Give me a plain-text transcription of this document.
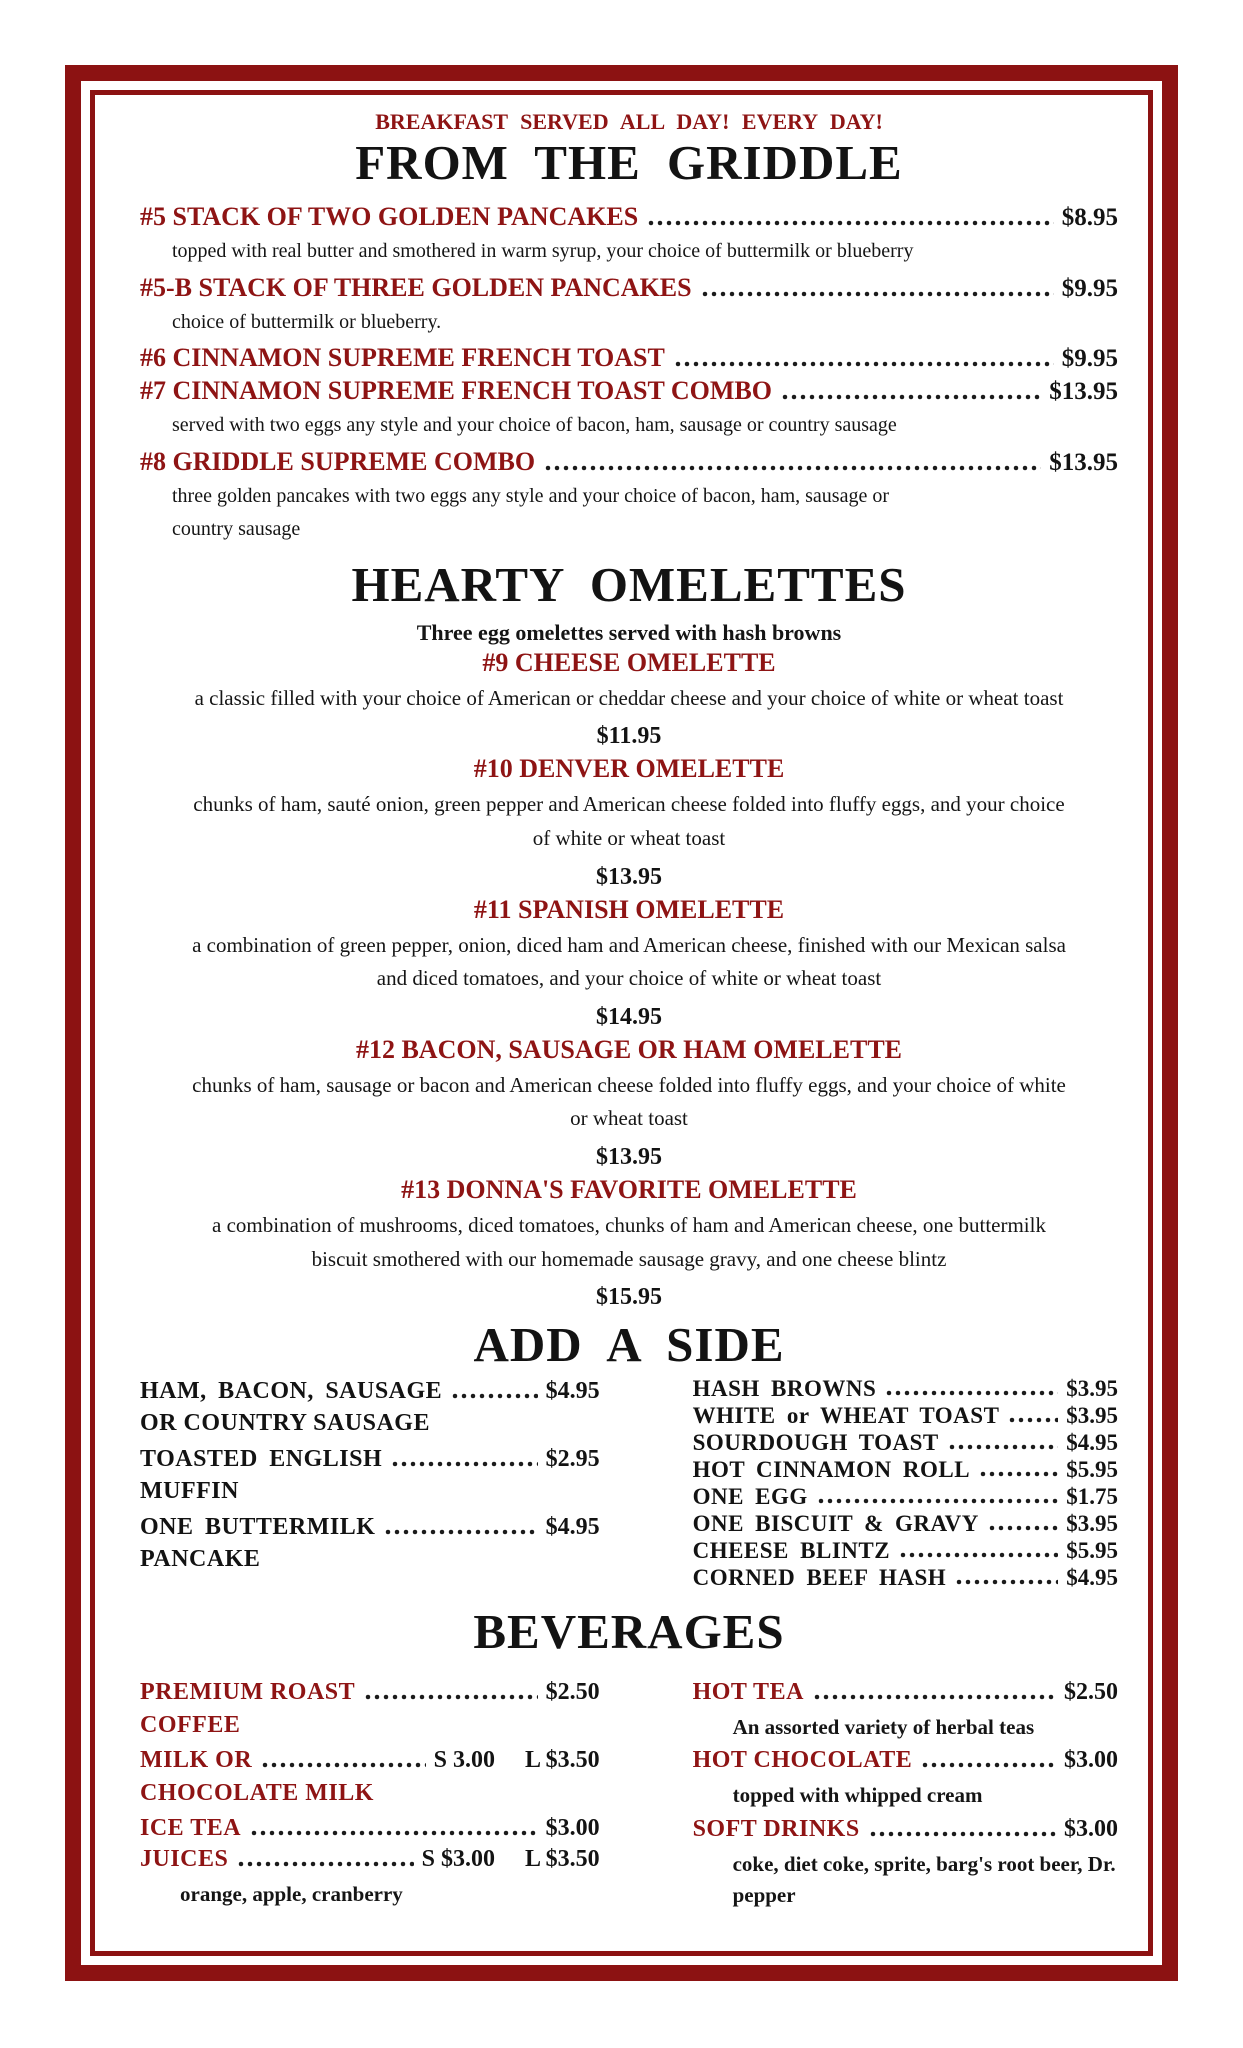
BREAKFAST SERVED ALL DAY! EVERY DAY!
FROM THE GRIDDLE
#5 STACK OF TWO GOLDEN PANCAKES	$8.95
topped with real butter and smothered in warm syrup, your choice of buttermilk or blueberry
#5-B STACK OF THREE GOLDEN PANCAKES	$9.95
choice of buttermilk or blueberry.
#6 CINNAMON SUPREME FRENCH TOAST	$9.95
#7 CINNAMON SUPREME FRENCH TOAST COMBO	$13.95
served with two eggs any style and your choice of bacon, ham, sausage or country sausage
#8 GRIDDLE SUPREME COMBO	$13.95
three golden pancakes with two eggs any style and your choice of bacon, ham, sausage or country sausage
HEARTY OMELETTES
Three egg omelettes served with hash browns
#9 CHEESE OMELETTE
a classic filled with your choice of American or cheddar cheese and your choice of white or wheat toast
$11.95
#10 DENVER OMELETTE
chunks of ham, sauté onion, green pepper and American cheese folded into fluffy eggs, and your choice of white or wheat toast
$13.95
#11 SPANISH OMELETTE
a combination of green pepper, onion, diced ham and American cheese, finished with our Mexican salsa and diced tomatoes, and your choice of white or wheat toast
$14.95
#12 BACON, SAUSAGE OR HAM OMELETTE
chunks of ham, sausage or bacon and American cheese folded into fluffy eggs, and your choice of white or wheat toast
$13.95
#13 DONNA'S FAVORITE OMELETTE
a combination of mushrooms, diced tomatoes, chunks of ham and American cheese, one buttermilk biscuit smothered with our homemade sausage gravy, and one cheese blintz
$15.95
ADD A SIDE
HAM, BACON, SAUSAGE	$4.95
OR COUNTRY SAUSAGE
TOASTED ENGLISH	$2.95
MUFFIN
ONE BUTTERMILK	$4.95
PANCAKE
HASH BROWNS	$3.95
WHITE or WHEAT TOAST	$3.95
SOURDOUGH TOAST	$4.95
HOT CINNAMON ROLL	$5.95
ONE EGG	$1.75
ONE BISCUIT & GRAVY	$3.95
CHEESE BLINTZ	$5.95
CORNED BEEF HASH	$4.95
BEVERAGES
PREMIUM ROAST	$2.50
COFFEE
MILK OR	S 3.00     L $3.50
CHOCOLATE MILK
ICE TEA	$3.00
JUICES	S $3.00     L $3.50
orange, apple, cranberry
HOT TEA	$2.50
An assorted variety of herbal teas
HOT CHOCOLATE	$3.00
topped with whipped cream
SOFT DRINKS	$3.00
coke, diet coke, sprite, barg's root beer, Dr. pepper
